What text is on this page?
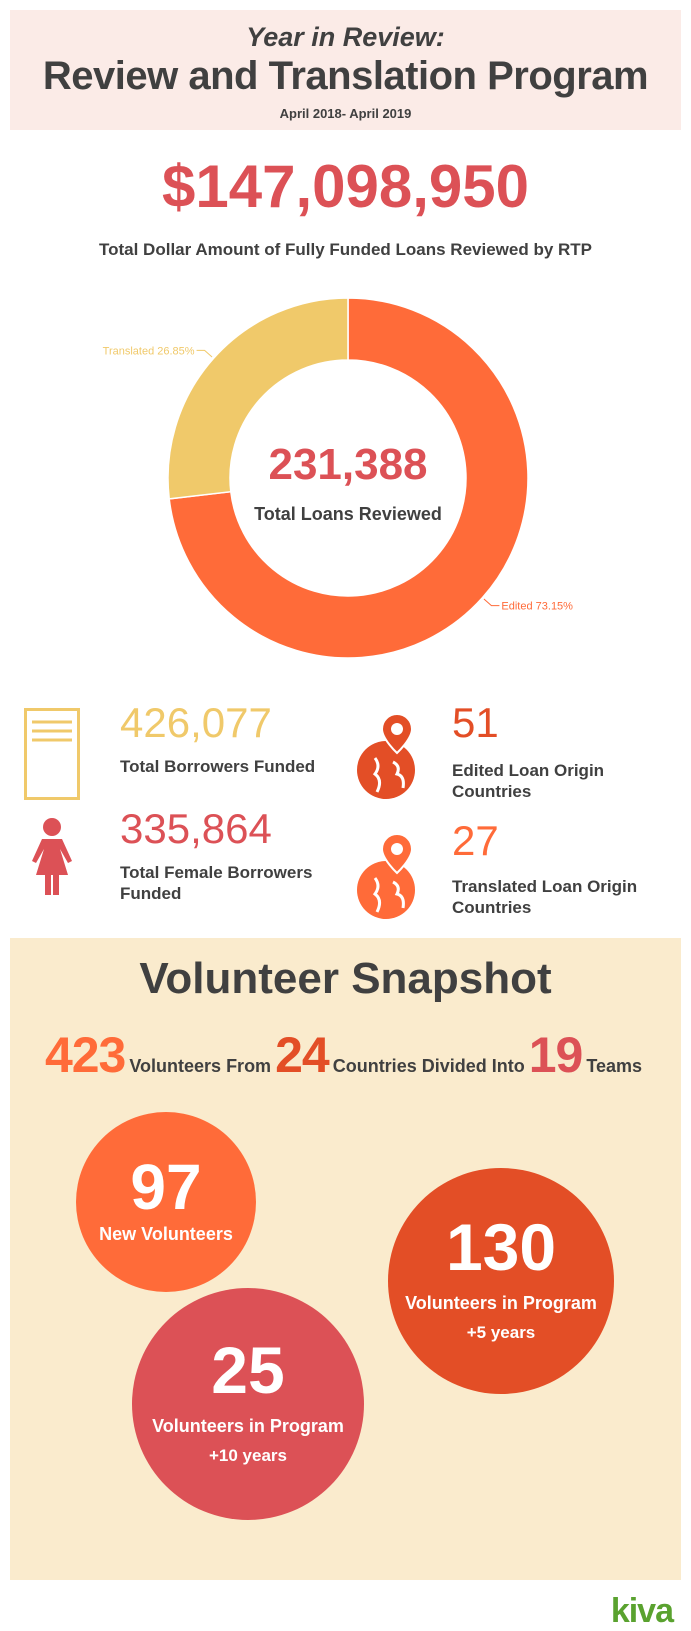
Year in Review:
Review and Translation Program
April 2018- April 2019
$147,098,950
Total Dollar Amount of Fully Funded Loans Reviewed by RTP
Edited 73.15%
Translated 26.85%
231,388
Total Loans Reviewed
426,077
Total Borrowers Funded
51
Edited Loan Origin Countries
335,864
Total Female Borrowers Funded
27
Translated Loan Origin Countries
Volunteer Snapshot
423 Volunteers From24 Countries Divided Into19 Teams
97
New Volunteers	130
Volunteers in Program
+5 years
25
Volunteers in Program
+10 years
kiva
